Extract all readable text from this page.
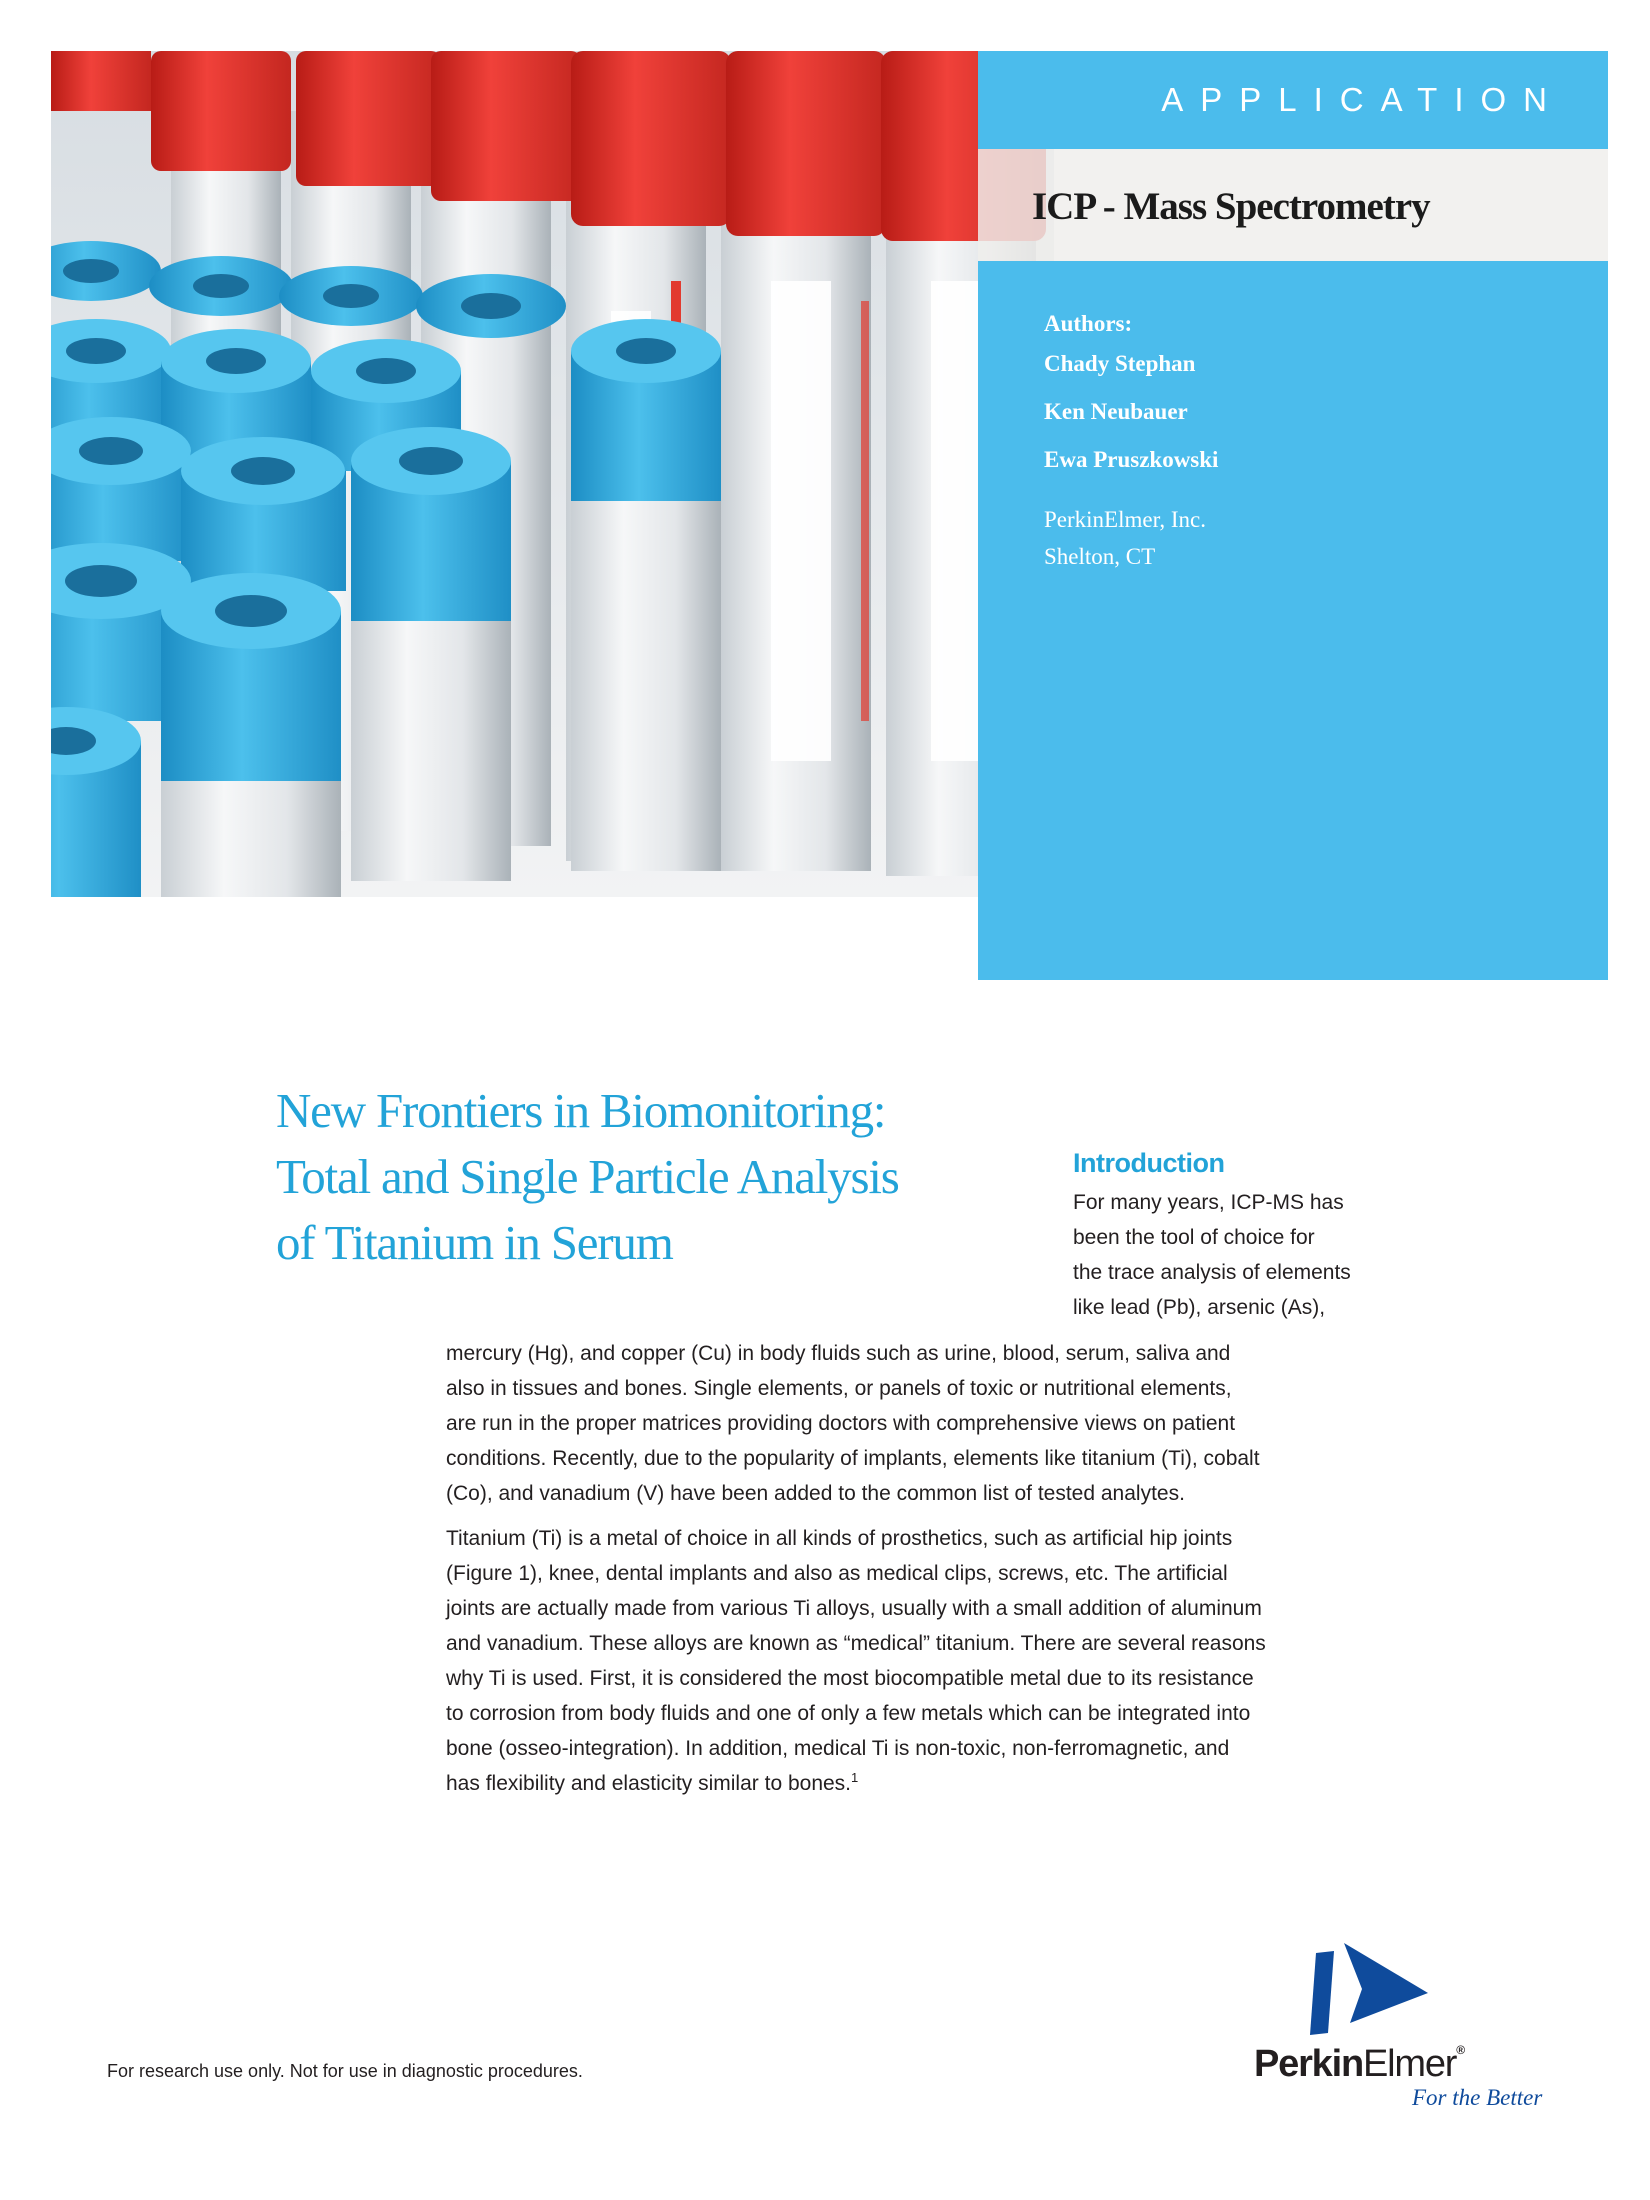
APPLICATION
ICP - Mass Spectrometry

Authors:

Chady Stephan

Ken Neubauer

Ewa Pruszkowski

PerkinElmer, Inc.
Shelton, CT
New Frontiers in Biomonitoring:
Total and Single Particle Analysis
of Titanium in Serum
Introduction

For many years, ICP-MS has
been the tool of choice for
the trace analysis of elements
like lead (Pb), arsenic (As),

mercury (Hg), and copper (Cu) in body fluids such as urine, blood, serum, saliva and
also in tissues and bones. Single elements, or panels of toxic or nutritional elements,
are run in the proper matrices providing doctors with comprehensive views on patient
conditions. Recently, due to the popularity of implants, elements like titanium (Ti), cobalt
(Co), and vanadium (V) have been added to the common list of tested analytes.

Titanium (Ti) is a metal of choice in all kinds of prosthetics, such as artificial hip joints
(Figure 1), knee, dental implants and also as medical clips, screws, etc. The artificial
joints are actually made from various Ti alloys, usually with a small addition of aluminum
and vanadium. These alloys are known as “medical” titanium. There are several reasons
why Ti is used. First, it is considered the most biocompatible metal due to its resistance
to corrosion from body fluids and one of only a few metals which can be integrated into
bone (osseo-integration). In addition, medical Ti is non-toxic, non-ferromagnetic, and
has flexibility and elasticity similar to bones.$^1$

For research use only. Not for use in diagnostic procedures.	PerkinElmer®
For the Better
